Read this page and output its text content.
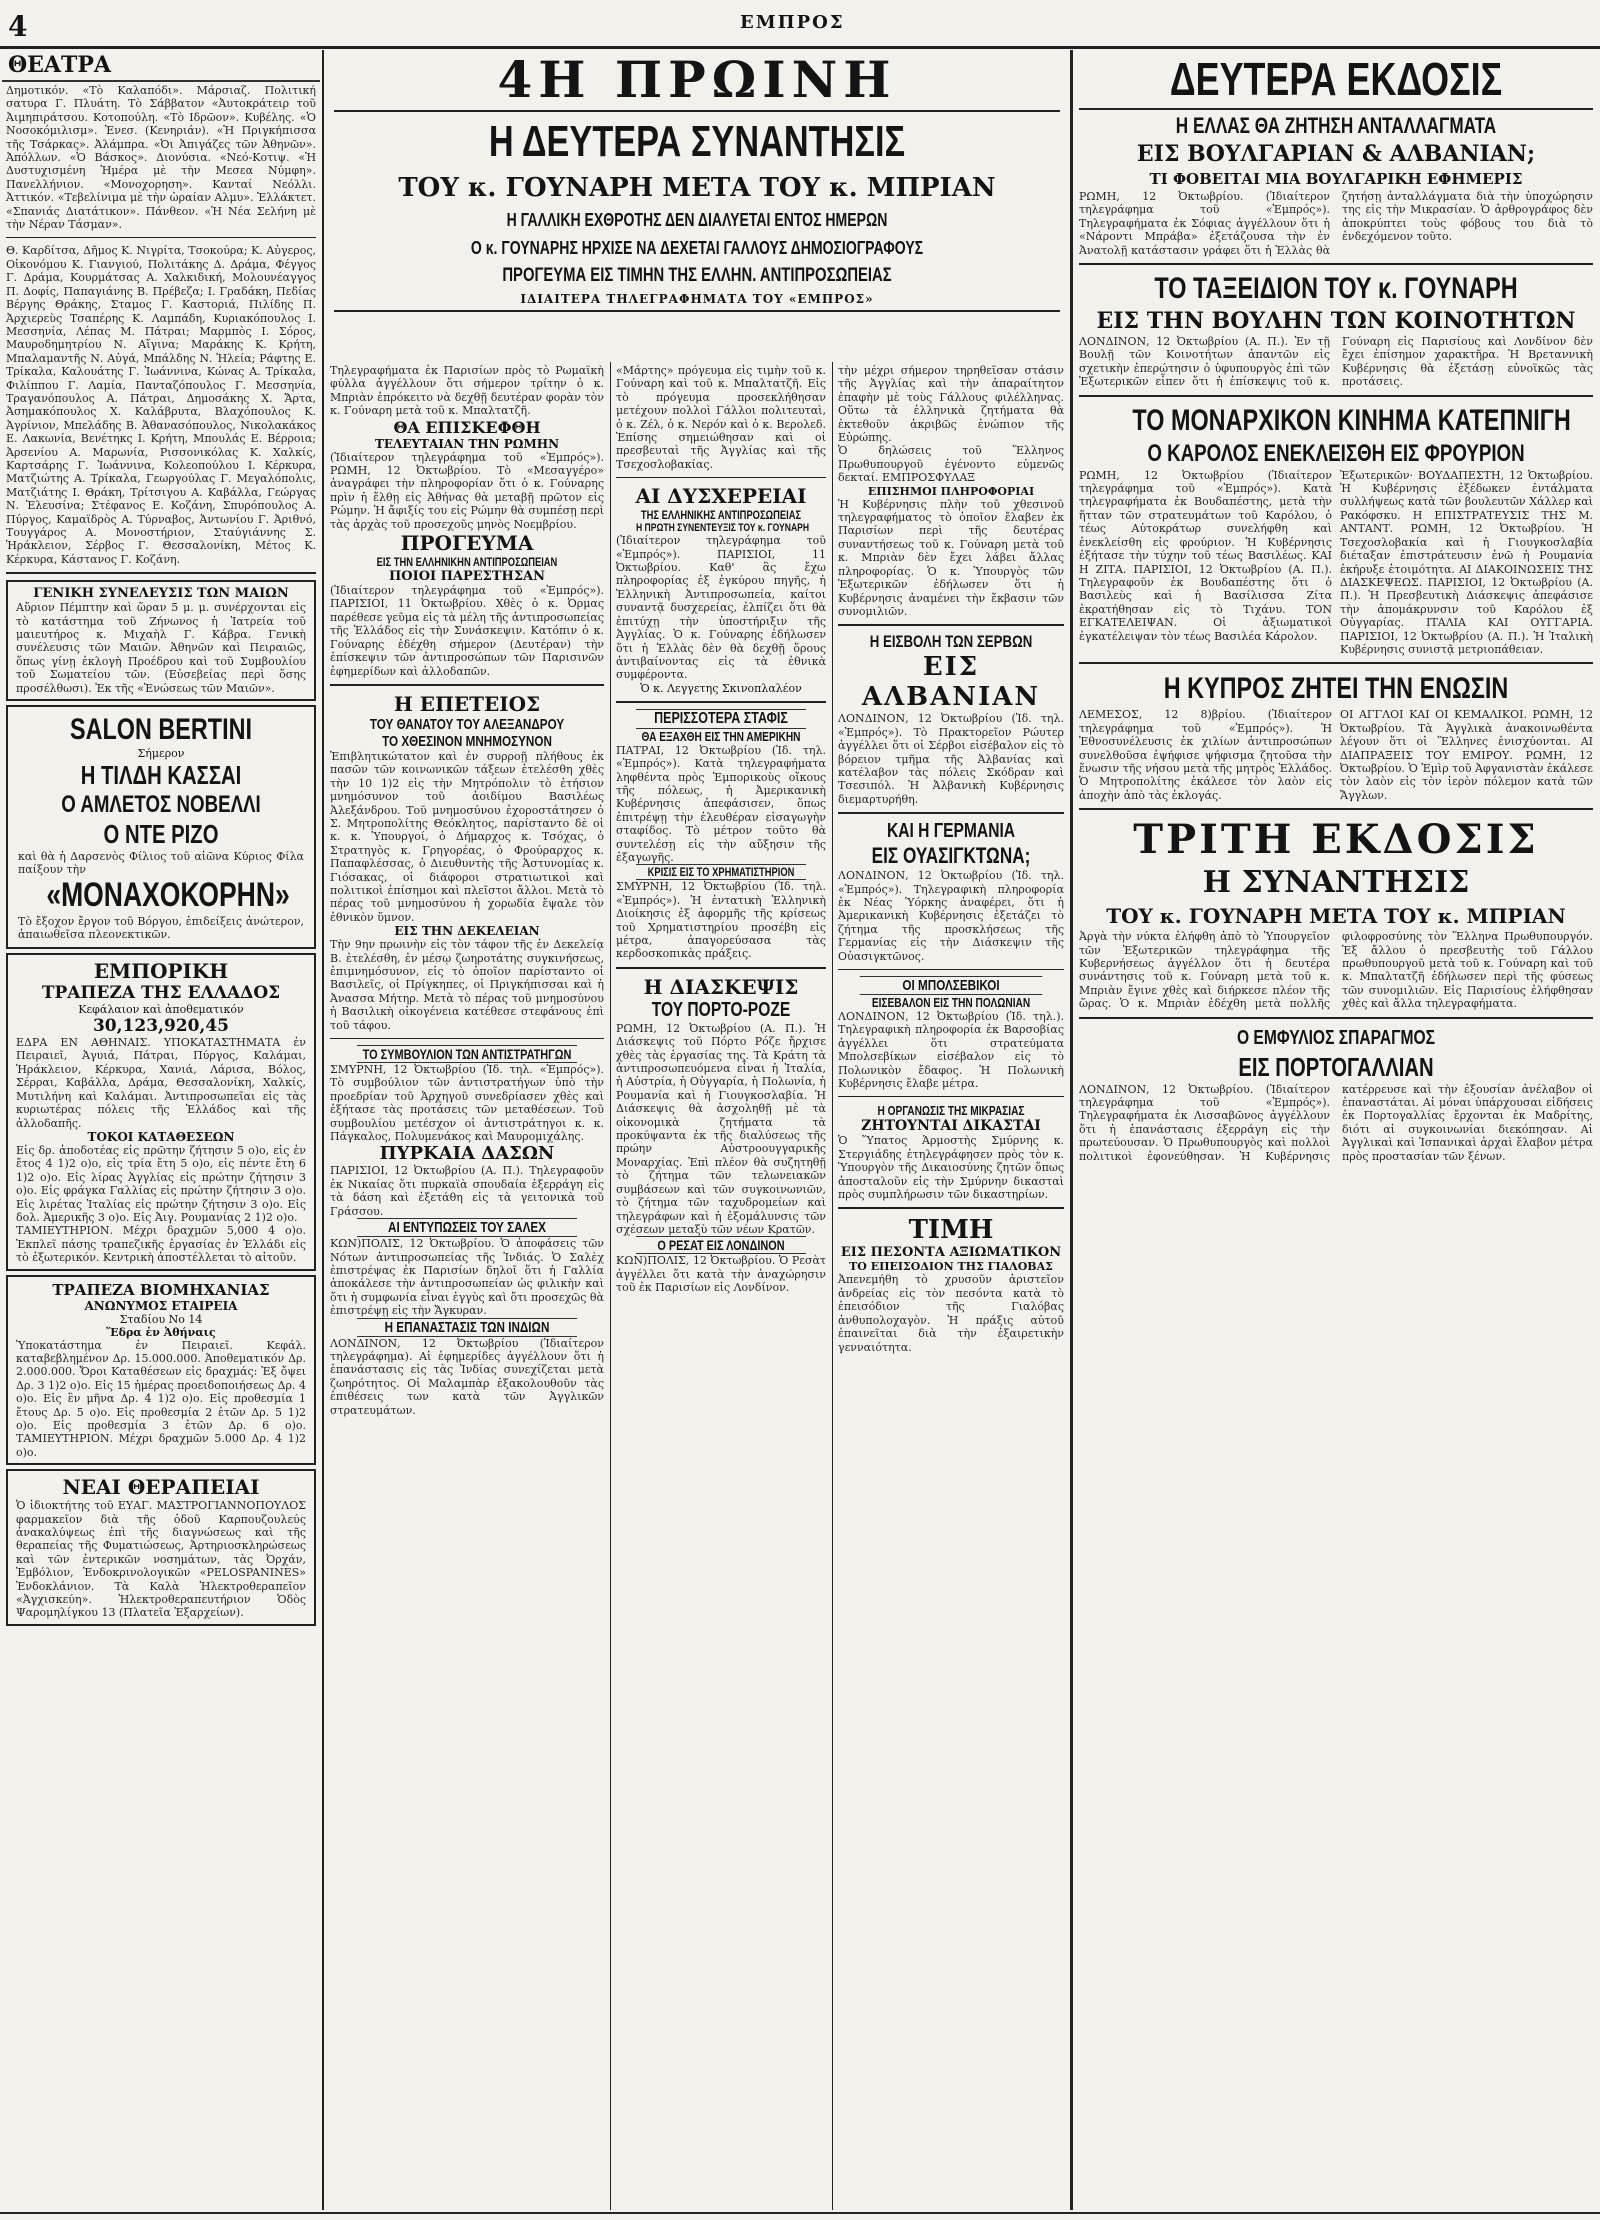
4	ΕΜΠΡΟΣ
ΘΕΑΤΡΑ

Δημοτικόν. «Τὸ Καλαπόδι». Μάρσιαζ. Πολιτική σατυρα Γ. Πλυάτη. Τὸ Σάββατον «Ἀυτοκράτειρ τοῦ Ἀιμηπιράτσου. Κοτοπούλη. «Τὸ Ιδρῶον». Κυβέλης. «Ὁ Νοσοκόμιλισμ». Ἐνεσ. (Κενηριάν). «Ἡ Πριγκήπισσα τῆς Τσάρκας». Ἀλάμπρα. «Ὀι Ἀπιγάζες τῶν Ἀθηνῶν». Ἀπόλλων. «Ὁ Βάσκος». Διονύσια. «Νεό-Κοτιψ. «Ἡ Δυστυχισμένη Ἡμέρα μὲ τὴν Μεσεα Νύμφη». Πανελλήνιον. «Μονοχορηση». Κανταί Νεόλλι. Ἀττικόν. «Τεβελίνιμα μὲ τὴν ὠραίαν Αλμυ». Ἑλλάκτετ. «Σπανιάς Διατάτικον». Πάνθεον. «Ἡ Νέα Σελήνη μὲ τὴν Νέραν Τάσμαν».

Θ. Καρδίτσα, Δῆμος Κ. Νιγρίτα, Τσοκούρα; Κ. Αὐγερος, Οἰκονόμου Κ. Γιανγιού, Πολιτάκης Δ. Δράμα, Φέγγος Γ. Δράμα, Κουρμάτσας Α. Χαλκιδική, Μολουνέαγγος Π. Δοφίς, Παπαγιάνης Β. Πρέβεζα; Ι. Γραδάκη, Πεδίας Βέργης Θράκης, Σταμος Γ. Καστοριά, Πιλίδης Π. Ἀρχιερεὺς Τσαπέρης Κ. Λαμπάδη, Κυριακόπουλος Ι. Μεσσηνία, Λέπας Μ. Πάτραι; Μαρμπὸς Ι. Σόρος, Μαυροδημητρίου Ν. Αἴγινα; Μαράκης Κ. Κρήτη, Μπαλαμαντῆς Ν. Αὐγά, Μπάλδης Ν. Ἠλεία; Ράφτης Ε. Τρίκαλα, Καλουάτης Γ. Ἰωάννινα, Κώνας Α. Τρίκαλα, Φιλίππου Γ. Λαμία, Πανταζόπουλος Γ. Μεσσηνία, Τραγανόπουλος Α. Πάτραι, Δημοσάκης Χ. Ἄρτα, Ἀσημακόπουλος Χ. Καλάβρυτα, Βλαχόπουλος Κ. Ἀγρίνιον, Μπελάδης Β. Ἀθανασόπουλος, Νικολακάκος Ε. Λακωνία, Βενέτηκς Ι. Κρήτη, Μπουλάς Ε. Βέρροια; Ἀρσενίου Α. Μαρωνία, Ρισσονικόλας Κ. Χαλκίς, Καρτσάρης Γ. Ἰωάννινα, Κολεοπούλου Ι. Κέρκυρα, Ματζιώτης Α. Τρίκαλα, Γεωργούλας Γ. Μεγαλόπολις, Ματζιάτης Ι. Θράκη, Τρίτσιγου Α. Καβάλλα, Γεώργας Ν. Ἐλευσίνα; Στέφανος Ε. Κοζάνη, Σπυρόπουλος Α. Πύργος, Καμαϊδρὸς Α. Τύρναβος, Ἀντωνίου Γ. Ἀριθνό, Τουγγάρος Α. Μονοστήριον, Σταύγιάννης Σ. Ἡράκλειον, Σέρβος Γ. Θεσσαλονίκη, Μέτος Κ. Κέρκυρα, Κάστανος Γ. Κοζάνη.

ΓΕΝΙΚΗ ΣΥΝΕΛΕΥΣΙΣ ΤΩΝ ΜΑΙΩΝ

Αὔριον Πέμπτην καὶ ὥραν 5 μ. μ. συνέρχονται εἰς τὸ κατάστημα τοῦ Ζήνωνος ἡ Ἰατρεία τοῦ μαιευτήρος κ. Μιχαὴλ Γ. Κάβρα. Γενικὴ συνέλευσις τῶν Μαιῶν. Ἀθηνῶν καὶ Πειραιῶς, ὅπως γίνῃ ἐκλογὴ Προέδρου καὶ τοῦ Συμβουλίου τοῦ Σωματείου τῶν. (Εὐσεβείας περὶ ὅσης προσέλθωσι). Ἐκ τῆς «Ἑνώσεως τῶν Μαιῶν».

SALON BERTINI
Σήμερον
Η ΤΙΛΔΗ ΚΑΣΣΑΙ
Ο ΑΜΛΕΤΟΣ ΝΟΒΕΛΛΙ
Ο ΝΤΕ ΡΙΖΟ

καὶ θὰ ἡ Δαρσενὸς Φίλιος τοῦ αἰῶνα Κύριος Φίλα παίξουν τὴν

«ΜΟΝΑΧΟΚΟΡΗΝ»

Τὸ ἔξοχον ἔργον τοῦ Βόργου, ἐπιδείξεις ἀνώτερον, ἀπαιωθεῖσα πλεονεκτικῶν.

ΕΜΠΟΡΙΚΗ
ΤΡΑΠΕΖΑ ΤΗΣ ΕΛΛΑΔΟΣ
Κεφάλαιον καὶ ἀποθεματικόν
30,123,920,45

ΕΔΡΑ ΕΝ ΑΘΗΝΑΙΣ. ΥΠΟΚΑΤΑΣΤΗΜΑΤΑ ἐν Πειραιεῖ, Ἀγυιά, Πάτραι, Πύργος, Καλάμαι, Ἡράκλειον, Κέρκυρα, Χανιά, Λάρισα, Βόλος, Σέρραι, Καβάλλα, Δράμα, Θεσσαλονίκη, Χαλκίς, Μυτιλήνη καὶ Καλάμαι. Ἀντιπροσωπεῖαι εἰς τὰς κυριωτέρας πόλεις τῆς Ἑλλάδος καὶ τῆς ἀλλοδαπῆς.

ΤΟΚΟΙ ΚΑΤΑΘΕΣΕΩΝ

Εἰς δρ. ἀποδοτέας εἰς πρῶτην ζήτησιν 5 ο)ο, εἰς ἐν ἔτος 4 1)2 ο)ο, εἰς τρία ἔτη 5 ο)ο, εἰς πέντε ἔτη 6 1)2 ο)ο. Εἰς λίρας Ἀγγλίας εἰς πρώτην ζήτησιν 3 ο)ο. Εἰς φράγκα Γαλλίας εἰς πρώτην ζήτησιν 3 ο)ο. Εἰς λιρέτας Ἰταλίας εἰς πρώτην ζήτησιν 3 ο)ο. Εἰς δολ. Ἀμερικῆς 3 ο)ο. Εἰς Ἀιγ. Ρουμανίας 2 1)2 ο)ο.

ΤΑΜΙΕΥΤΗΡΙΟΝ. Μέχρι δραχμῶν 5,000 4 ο)ο. Ἐκπλεῖ πάσης τραπεζικῆς ἐργασίας ἐν Ἑλλάδι εἰς τὸ ἐξωτερικόν. Κεντρικὴ ἀποστέλλεται τὸ αἰτοῦν.

ΤΡΑΠΕΖΑ ΒΙΟΜΗΧΑΝΙΑΣ
ΑΝΩΝΥΜΟΣ ΕΤΑΙΡΕΙΑ
Σταδίου Νο 14
Ἕδρα ἐν Ἀθήναις

Ὑποκατάστημα ἐν Πειραιεῖ. Κεφάλ. καταβεβλημένον Δρ. 15.000.000. Ἀποθεματικόν Δρ. 2.000.000. Ὄροι Καταθέσεων εἰς δραχμάς: Ἐξ ὄψει Δρ. 3 1)2 ο)ο. Εἰς 15 ἡμέρας προειδοποιήσεως Δρ. 4 ο)ο. Εἰς ἓν μῆνα Δρ. 4 1)2 ο)ο. Εἰς προθεσμία 1 ἔτους Δρ. 5 ο)ο. Εἰς προθεσμία 2 ἐτῶν Δρ. 5 1)2 ο)ο. Εἰς προθεσμία 3 ἐτῶν Δρ. 6 ο)ο. ΤΑΜΙΕΥΤΗΡΙΟΝ. Μέχρι δραχμῶν 5.000 Δρ. 4 1)2 ο)ο.

ΝΕΑΙ ΘΕΡΑΠΕΙΑΙ

Ὁ ἰδιοκτήτης τοῦ ΕΥΑΓ. ΜΑΣΤΡΟΓΙΑΝΝΟΠΟΥΛΟΣ φαρμακεῖον διὰ τῆς ὁδοῦ Καρπουζουλεύς ἀνακαλύψεως ἐπὶ τῆς διαγνώσεως καὶ τῆς θεραπείας τῆς Φυματιώσεως, Ἀρτηριοσκληρώσεως καὶ τῶν ἐντερικῶν νοσημάτων, τὰς Ὀρχάν, Ἐμβόλιον, Ἐνδοκρινολογικῶν «PELOSPANINES» Ἐνδοκλάνιον. Τὰ Καλὰ Ἠλεκτροθεραπεῖον «Ἀγχισκεύη». Ἠλεκτροθεραπευτήριον Ὁδὸς Ψαρομηλίγκου 13 (Πλατεῖα Ἐξαρχείων).

4Η ΠΡΩΙΝΗ
Η ΔΕΥΤΕΡΑ ΣΥΝΑΝΤΗΣΙΣ
ΤΟΥ κ. ΓΟΥΝΑΡΗ ΜΕΤΑ ΤΟΥ κ. ΜΠΡΙΑΝ
Η ΓΑΛΛΙΚΗ ΕΧΘΡΟΤΗΣ ΔΕΝ ΔΙΑΛΥΕΤΑΙ ΕΝΤΟΣ ΗΜΕΡΩΝ
Ο κ. ΓΟΥΝΑΡΗΣ ΗΡΧΙΣΕ ΝΑ ΔΕΧΕΤΑΙ ΓΑΛΛΟΥΣ ΔΗΜΟΣΙΟΓΡΑΦΟΥΣ
ΠΡΟΓΕΥΜΑ ΕΙΣ ΤΙΜΗΝ ΤΗΣ ΕΛΛΗΝ. ΑΝΤΙΠΡΟΣΩΠΕΙΑΣ
ΙΔΙΑΙΤΕΡΑ ΤΗΛΕΓΡΑΦΗΜΑΤΑ ΤΟΥ «ΕΜΠΡΟΣ»

Τηλεγραφήματα ἐκ Παρισίων πρὸς τὸ Ρωμαϊκὴ φύλλα ἀγγέλλουν ὅτι σήμερον τρίτην ὁ κ. Μπριὰν ἐπρόκειτο νὰ δεχθῇ δευτέραν φορὰν τὸν κ. Γούναρη μετὰ τοῦ κ. Μπαλτατζῆ.

ΘΑ ΕΠΙΣΚΕΦΘΗ
ΤΕΛΕΥΤΑΙΑΝ ΤΗΝ ΡΩΜΗΝ

(Ἰδιαίτερον τηλεγράφημα τοῦ «Ἐμπρός»). ΡΩΜΗ, 12 Ὀκτωβρίου. Τὸ «Μεσαγγέρο» ἀναγράφει τὴν πληροφορίαν ὅτι ὁ κ. Γούναρης πρὶν ἡ ἔλθῃ εἰς Ἀθήνας θὰ μεταβῇ πρῶτον εἰς Ρώμην. Ἡ ἄφιξίς του εἰς Ρώμην θὰ συμπέσῃ περὶ τὰς ἀρχὰς τοῦ προσεχοῦς μηνὸς Νοεμβρίου.

ΠΡΟΓΕΥΜΑ
ΕΙΣ ΤΗΝ ΕΛΛΗΝΙΚΗΝ ΑΝΤΙΠΡΟΣΩΠΕΙΑΝ
ΠΟΙΟΙ ΠΑΡΕΣΤΗΣΑΝ

(Ἰδιαίτερον τηλεγράφημα τοῦ «Ἐμπρός»). ΠΑΡΙΣΙΟΙ, 11 Ὀκτωβρίου. Χθὲς ὁ κ. Ὀρμας παρέθεσε γεῦμα εἰς τὰ μέλη τῆς ἀντιπροσωπείας τῆς Ἑλλάδος εἰς τὴν Συνάσκεψιν. Κατόπιν ὁ κ. Γούναρης ἐδέχθη σήμερον (Δευτέραν) τὴν ἐπίσκεψιν τῶν ἀντιπροσώπων τῶν Παρισινῶν ἐφημερίδων καὶ ἀλλοδαπῶν.

Η ΕΠΕΤΕΙΟΣ
ΤΟΥ ΘΑΝΑΤΟΥ ΤΟΥ ΑΛΕΞΑΝΔΡΟΥ
ΤΟ ΧΘΕΣΙΝΟΝ ΜΝΗΜΟΣΥΝΟΝ

Ἐπιβλητικώτατον καὶ ἐν συρροῇ πλήθους ἐκ πασῶν τῶν κοινωνικῶν τάξεων ἐτελέσθη χθὲς τὴν 10 1)2 εἰς τὴν Μητρόπολιν τὸ ἐτήσιον μνημόσυνον τοῦ ἀοιδίμου Βασιλέως Ἀλεξάνδρου. Τοῦ μνημοσύνου ἐχοροστάτησεν ὁ Σ. Μητροπολίτης Θεόκλητος, παρίσταντο δὲ οἱ κ. κ. Ὑπουργοί, ὁ Δήμαρχος κ. Τσόχας, ὁ Στρατηγὸς κ. Γρηγορέας, ὁ Φρούραρχος κ. Παπαφλέσσας, ὁ Διευθυντὴς τῆς Ἀστυνομίας κ. Γιόσακας, οἱ διάφοροι στρατιωτικοὶ καὶ πολιτικοὶ ἐπίσημοι καὶ πλεῖστοι ἄλλοι. Μετὰ τὸ πέρας τοῦ μνημοσύνου ἡ χορωδία ἔψαλε τὸν ἐθνικὸν ὕμνον.

ΕΙΣ ΤΗΝ ΔΕΚΕΛΕΙΑΝ

Τὴν 9ην πρωινὴν εἰς τὸν τάφον τῆς ἐν Δεκελείᾳ Β. ἐτελέσθη, ἐν μέσῳ ζωηροτάτης συγκινήσεως, ἐπιμνημόσυνον, εἰς τὸ ὁποῖον παρίσταντο οἱ Βασιλεῖς, οἱ Πρίγκηπες, οἱ Πριγκήπισσαι καὶ ἡ Ἀνασσα Μήτηρ. Μετὰ τὸ πέρας τοῦ μνημοσύνου ἡ Βασιλικὴ οἰκογένεια κατέθεσε στεφάνους ἐπὶ τοῦ τάφου.

ΤΟ ΣΥΜΒΟΥΛΙΟΝ ΤΩΝ ΑΝΤΙΣΤΡΑΤΗΓΩΝ

ΣΜΥΡΝΗ, 12 Ὀκτωβρίου (Ἰδ. τηλ. «Ἐμπρός»). Τὸ συμβούλιον τῶν ἀντιστρατήγων ὑπὸ τὴν προεδρίαν τοῦ Ἀρχηγοῦ συνεδρίασεν χθὲς καὶ ἐξήτασε τὰς προτάσεις τῶν μεταθέσεων. Τοῦ συμβουλίου μετέσχον οἱ ἀντιστράτηγοι κ. κ. Πάγκαλος, Πολυμενάκος καὶ Μαυρομιχάλης.

ΠΥΡΚΑΙΑ ΔΑΣΩΝ

ΠΑΡΙΣΙΟΙ, 12 Ὀκτωβρίου (Α. Π.). Τηλεγραφοῦν ἐκ Νικαίας ὅτι πυρκαϊὰ σπουδαία ἐξερράγη εἰς τὰ δάση καὶ ἐξετάθη εἰς τὰ γειτονικὰ τοῦ Γράσσου.

ΑΙ ΕΝΤΥΠΩΣΕΙΣ ΤΟΥ ΣΑΛΕΧ

ΚΩΝ)ΠΟΛΙΣ, 12 Ὀκτωβρίου. Ὁ ἀποφάσεις τῶν Νότων ἀντιπροσωπείας τῆς Ἰνδιάς. Ὁ Σαλὲχ ἐπιστρέψας ἐκ Παρισίων δηλοῖ ὅτι ἡ Γαλλία ἀποκάλεσε τὴν ἀντιπροσωπείαν ὡς φιλικὴν καὶ ὅτι ἡ συμφωνία εἶναι ἐγγὺς καὶ ὅτι προσεχῶς θὰ ἐπιστρέψῃ εἰς τὴν Ἄγκυραν.

Η ΕΠΑΝΑΣΤΑΣΙΣ ΤΩΝ ΙΝΔΙΩΝ

ΛΟΝΔΙΝΟΝ, 12 Ὀκτωβρίου (Ἰδιαίτερον τηλεγράφημα). Αἱ ἐφημερίδες ἀγγέλλουν ὅτι ἡ ἐπανάστασις εἰς τὰς Ἰνδίας συνεχίζεται μετὰ ζωηρότητος. Οἱ Μαλαμπὰρ ἐξακολουθοῦν τὰς ἐπιθέσεις των κατὰ τῶν Ἀγγλικῶν στρατευμάτων.

«Μάρτης» πρόγευμα εἰς τιμὴν τοῦ κ. Γούναρη καὶ τοῦ κ. Μπαλτατζῆ. Εἰς τὸ πρόγευμα προσεκλήθησαν μετέχουν πολλοὶ Γάλλοι πολιτευταὶ, ὁ κ. Ζέλ, ὁ κ. Νερόν καὶ ὁ κ. Βερολεδ. Ἐπίσης σημειώθησαν καὶ οἱ πρεσβευταὶ τῆς Ἀγγλίας καὶ τῆς Τσεχοσλοβακίας.

ΑΙ ΔΥΣΧΕΡΕΙΑΙ
ΤΗΣ ΕΛΛΗΝΙΚΗΣ ΑΝΤΙΠΡΟΣΩΠΕΙΑΣ
Η ΠΡΩΤΗ ΣΥΝΕΝΤΕΥΞΙΣ ΤΟΥ κ. ΓΟΥΝΑΡΗ

(Ἰδιαίτερον τηλεγράφημα τοῦ «Ἐμπρός»). ΠΑΡΙΣΙΟΙ, 11 Ὀκτωβρίου. Καθ' ἃς ἔχω πληροφορίας ἐξ ἐγκύρου πηγῆς, ἡ Ἑλληνικὴ Ἀντιπροσωπεία, καίτοι συναντᾷ δυσχερείας, ἐλπίζει ὅτι θὰ ἐπιτύχῃ τὴν ὑποστήριξιν τῆς Ἀγγλίας. Ὁ κ. Γούναρης ἐδήλωσεν ὅτι ἡ Ἑλλὰς δὲν θὰ δεχθῇ ὅρους ἀντιβαίνοντας εἰς τὰ ἐθνικὰ συμφέροντα.

Ὁ κ. Λεγγετης Σκινοπλαλέον
ΠΕΡΙΣΣΟΤΕΡΑ ΣΤΑΦΙΣ
ΘΑ ΕΞΑΧΘΗ ΕΙΣ ΤΗΝ ΑΜΕΡΙΚΗΝ

ΠΑΤΡΑΙ, 12 Ὀκτωβρίου (Ἰδ. τηλ. «Ἐμπρός»). Κατὰ τηλεγραφήματα ληφθέντα πρὸς Ἐμπορικοὺς οἴκους τῆς πόλεως, ἡ Ἀμερικανικὴ Κυβέρνησις ἀπεφάσισεν, ὅπως ἐπιτρέψῃ τὴν ἐλευθέραν εἰσαγωγὴν σταφίδος. Τὸ μέτρον τοῦτο θὰ συντελέσῃ εἰς τὴν αὔξησιν τῆς ἐξαγωγῆς.

ΚΡΙΣΙΣ ΕΙΣ ΤΟ ΧΡΗΜΑΤΙΣΤΗΡΙΟΝ

ΣΜΥΡΝΗ, 12 Ὀκτωβρίου (Ἰδ. τηλ. «Ἐμπρός»). Ἡ ἐντατικὴ Ἑλληνικὴ Διοίκησις ἐξ ἀφορμῆς τῆς κρίσεως τοῦ Χρηματιστηρίου προσέβη εἰς μέτρα, ἀπαγορεύσασα τὰς κερδοσκοπικὰς πράξεις.

Η ΔΙΑΣΚΕΨΙΣ
ΤΟΥ ΠΟΡΤΟ-ΡΟΖΕ

ΡΩΜΗ, 12 Ὀκτωβρίου (Α. Π.). Ἡ Διάσκεψις τοῦ Πόρτο Ρόζε ἤρχισε χθὲς τὰς ἐργασίας της. Τὰ Κράτη τὰ ἀντιπροσωπευόμενα εἶναι ἡ Ἰταλία, ἡ Αὐστρία, ἡ Οὑγγαρία, ἡ Πολωνία, ἡ Ρουμανία καὶ ἡ Γιουγκοσλαβία. Ἡ Διάσκεψις θὰ ἀσχοληθῇ μὲ τὰ οἰκονομικὰ ζητήματα τὰ προκύψαντα ἐκ τῆς διαλύσεως τῆς πρώην Αὐστροουγγαρικῆς Μοναρχίας. Ἐπὶ πλέον θὰ συζητηθῇ τὸ ζήτημα τῶν τελωνειακῶν συμβάσεων καὶ τῶν συγκοινωνιῶν, τὸ ζήτημα τῶν ταχυδρομείων καὶ τηλεγράφων καὶ ἡ ἐξομάλυνσις τῶν σχέσεων μεταξὺ τῶν νέων Κρατῶν.

Ο ΡΕΣΑΤ ΕΙΣ ΛΟΝΔΙΝΟΝ

ΚΩΝ)ΠΟΛΙΣ, 12 Ὀκτωβρίου. Ὁ Ρεσὰτ ἀγγέλλει ὅτι κατὰ τὴν ἀναχώρησιν τοῦ ἐκ Παρισίων εἰς Λονδίνον.

τὴν μέχρι σήμερον τηρηθεῖσαν στάσιν τῆς Ἀγγλίας καὶ τὴν ἀπαραίτητον ἐπαφὴν μὲ τοὺς Γάλλους φιλέλληνας. Οὕτω τὰ ἐλληνικὰ ζητήματα θὰ ἐκτεθοῦν ἀκριβῶς ἐνώπιον τῆς Εὐρώπης.

Ὁ δηλώσεις τοῦ Ἕλληνος Πρωθυπουργοῦ ἐγένοντο εὐμενῶς δεκταί. ΕΜΠΡΟΣΦΥΛΑΞ

ΕΠΙΣΗΜΟΙ ΠΛΗΡΟΦΟΡΙΑΙ

Ἡ Κυβέρνησις πλὴν τοῦ χθεσινοῦ τηλεγραφήματος τὸ ὁποῖον ἔλαβεν ἐκ Παρισίων περὶ τῆς δευτέρας συναντήσεως τοῦ κ. Γούναρη μετὰ τοῦ κ. Μπριὰν δὲν ἔχει λάβει ἄλλας πληροφορίας. Ὁ κ. Ὑπουργὸς τῶν Ἐξωτερικῶν ἐδήλωσεν ὅτι ἡ Κυβέρνησις ἀναμένει τὴν ἔκβασιν τῶν συνομιλιῶν.

Η ΕΙΣΒΟΛΗ ΤΩΝ ΣΕΡΒΩΝ
ΕΙΣ ΑΛΒΑΝΙΑΝ

ΛΟΝΔΙΝΟΝ, 12 Ὀκτωβρίου (Ἰδ. τηλ. «Ἐμπρός»). Τὸ Πρακτορεῖον Ρώυτερ ἀγγέλλει ὅτι οἱ Σέρβοι εἰσέβαλον εἰς τὸ βόρειον τμῆμα τῆς Ἀλβανίας καὶ κατέλαβον τὰς πόλεις Σκόδραν καὶ Τσεσιπόλ. Ἡ Ἀλβανικὴ Κυβέρνησις διεμαρτυρήθη.

ΚΑΙ Η ΓΕΡΜΑΝΙΑ
ΕΙΣ ΟΥΑΣΙΓΚΤΩΝΑ;

ΛΟΝΔΙΝΟΝ, 12 Ὀκτωβρίου (Ἰδ. τηλ. «Ἐμπρός»). Τηλεγραφικὴ πληροφορία ἐκ Νέας Ὑόρκης ἀναφέρει, ὅτι ἡ Ἀμερικανικὴ Κυβέρνησις ἐξετάζει τὸ ζήτημα τῆς προσκλήσεως τῆς Γερμανίας εἰς τὴν Διάσκεψιν τῆς Οὐασιγκτῶνος.

ΟΙ ΜΠΟΛΣΕΒΙΚΟΙ
ΕΙΣΕΒΑΛΟΝ ΕΙΣ ΤΗΝ ΠΟΛΩΝΙΑΝ

ΛΟΝΔΙΝΟΝ, 12 Ὀκτωβρίου (Ἰδ. τηλ.). Τηλεγραφικὴ πληροφορία ἐκ Βαρσοβίας ἀγγέλλει ὅτι στρατεύματα Μπολσεβίκων εἰσέβαλον εἰς τὸ Πολωνικὸν ἔδαφος. Ἡ Πολωνικὴ Κυβέρνησις ἔλαβε μέτρα.

Η ΟΡΓΑΝΩΣΙΣ ΤΗΣ ΜΙΚΡΑΣΙΑΣ
ΖΗΤΟΥΝΤΑΙ ΔΙΚΑΣΤΑΙ

Ὁ Ὕπατος Ἁρμοστὴς Σμύρνης κ. Στεργιάδης ἐτηλεγράφησεν πρὸς τὸν κ. Ὑπουργὸν τῆς Δικαιοσύνης ζητῶν ὅπως ἀποσταλοῦν εἰς τὴν Σμύρνην δικασταὶ πρὸς συμπλήρωσιν τῶν δικαστηρίων.

ΤΙΜΗ
ΕΙΣ ΠΕΣΟΝΤΑ ΑΞΙΩΜΑΤΙΚΟΝ
ΤΟ ΕΠΕΙΣΟΔΙΟΝ ΤΗΣ ΓΙΑΛΟΒΑΣ

Ἀπενεμήθη τὸ χρυσοῦν ἀριστεῖον ἀνδρείας εἰς τὸν πεσόντα κατὰ τὸ ἐπεισόδιον τῆς Γιαλόβας ἀνθυπολοχαγὸν. Ἡ πράξις αὐτοῦ ἐπαινεῖται διὰ τὴν ἐξαιρετικὴν γενναιότητα.

ΔΕΥΤΕΡΑ ΕΚΔΟΣΙΣ
Η ΕΛΛΑΣ ΘΑ ΖΗΤΗΣΗ ΑΝΤΑΛΛΑΓΜΑΤΑ
ΕΙΣ ΒΟΥΛΓΑΡΙΑΝ & ΑΛΒΑΝΙΑΝ;
ΤΙ ΦΟΒΕΙΤΑΙ ΜΙΑ ΒΟΥΛΓΑΡΙΚΗ ΕΦΗΜΕΡΙΣ

ΡΩΜΗ, 12 Ὀκτωβρίου. (Ἰδιαίτερον τηλεγράφημα τοῦ «Ἐμπρός»). Τηλεγραφήματα ἐκ Σόφιας ἀγγέλλουν ὅτι ἡ «Νάροντι Μπράβα» ἐξετάζουσα τὴν ἐν Ἀνατολῇ κατάστασιν γράφει ὅτι ἡ Ἑλλὰς θὰ ζητήσῃ ἀνταλλάγματα διὰ τὴν ὑποχώρησιν της εἰς τὴν Μικρασίαν. Ὁ ἀρθρογράφος δὲν ἀποκρύπτει τοὺς φόβους του διὰ τὸ ἐνδεχόμενον τοῦτο.

ΤΟ ΤΑΞΕΙΔΙΟΝ ΤΟΥ κ. ΓΟΥΝΑΡΗ
ΕΙΣ ΤΗΝ ΒΟΥΛΗΝ ΤΩΝ ΚΟΙΝΟΤΗΤΩΝ

ΛΟΝΔΙΝΟΝ, 12 Ὀκτωβρίου (Α. Π.). Ἐν τῇ Βουλῇ τῶν Κοινοτήτων ἀπαντῶν εἰς σχετικὴν ἐπερώτησιν ὁ ὑφυπουργὸς ἐπὶ τῶν Ἐξωτερικῶν εἶπεν ὅτι ἡ ἐπίσκεψις τοῦ κ. Γούναρη εἰς Παρισίους καὶ Λονδίνον δὲν ἔχει ἐπίσημον χαρακτῆρα. Ἡ Βρεταννικὴ Κυβέρνησις θὰ ἐξετάσῃ εὐνοϊκῶς τὰς προτάσεις.

ΤΟ ΜΟΝΑΡΧΙΚΟΝ ΚΙΝΗΜΑ ΚΑΤΕΠΝΙΓΗ
Ο ΚΑΡΟΛΟΣ ΕΝΕΚΛΕΙΣΘΗ ΕΙΣ ΦΡΟΥΡΙΟΝ

ΡΩΜΗ, 12 Ὀκτωβρίου (Ἰδιαίτερον τηλεγράφημα τοῦ «Ἐμπρός»). Κατὰ τηλεγραφήματα ἐκ Βουδαπέστης, μετὰ τὴν ἥτταν τῶν στρατευμάτων τοῦ Καρόλου, ὁ τέως Αὐτοκράτωρ συνελήφθη καὶ ἐνεκλείσθη εἰς φρούριον. Ἡ Κυβέρνησις ἐξήτασε τὴν τύχην τοῦ τέως Βασιλέως. ΚΑΙ Η ΖΙΤΑ. ΠΑΡΙΣΙΟΙ, 12 Ὀκτωβρίου (Α. Π.). Τηλεγραφοῦν ἐκ Βουδαπέστης ὅτι ὁ Βασιλεὺς καὶ ἡ Βασίλισσα Ζίτα ἐκρατήθησαν εἰς τὸ Τιχάνυ. ΤΟΝ ΕΓΚΑΤΕΛΕΙΨΑΝ. Οἱ ἀξιωματικοὶ ἐγκατέλειψαν τὸν τέως Βασιλέα Κάρολον.

Ἐξωτερικῶν· ΒΟΥΔΑΠΕΣΤΗ, 12 Ὀκτωβρίου. Ἡ Κυβέρνησις ἐξέδωκεν ἐντάλματα συλλήψεως κατὰ τῶν βουλευτῶν Χάλλερ καὶ Ρακόφσκυ. Η ΕΠΙΣΤΡΑΤΕΥΣΙΣ ΤΗΣ Μ. ΑΝΤΑΝΤ. ΡΩΜΗ, 12 Ὀκτωβρίου. Ἡ Τσεχοσλοβακία καὶ ἡ Γιουγκοσλαβία διέταξαν ἐπιστράτευσιν ἐνῶ ἡ Ρουμανία ἐκήρυξε ἑτοιμότητα. ΑΙ ΔΙΑΚΟΙΝΩΣΕΙΣ ΤΗΣ ΔΙΑΣΚΕΨΕΩΣ. ΠΑΡΙΣΙΟΙ, 12 Ὀκτωβρίου (Α. Π.). Ἡ Πρεσβευτικὴ Διάσκεψις ἀπεφάσισε τὴν ἀπομάκρυνσιν τοῦ Καρόλου ἐξ Οὑγγαρίας. ΙΤΑΛΙΑ ΚΑΙ ΟΥΓΓΑΡΙΑ. ΠΑΡΙΣΙΟΙ, 12 Ὀκτωβρίου (Α. Π.). Ἡ Ἰταλικὴ Κυβέρνησις συνιστᾷ μετριοπάθειαν.

Η ΚΥΠΡΟΣ ΖΗΤΕΙ ΤΗΝ ΕΝΩΣΙΝ

ΛΕΜΕΣΟΣ, 12 8)βρίου. (Ἰδιαίτερον τηλεγράφημα τοῦ «Ἐμπρός»). Ἡ Ἐθνοσυνέλευσις ἐκ χιλίων ἀντιπροσώπων συνελθοῦσα ἐψήφισε ψήφισμα ζητοῦσα τὴν ἕνωσιν τῆς νήσου μετὰ τῆς μητρὸς Ἑλλάδος. Ὁ Μητροπολίτης ἐκάλεσε τὸν λαὸν εἰς ἀποχὴν ἀπὸ τὰς ἐκλογάς.

ΟΙ ΑΓΓΛΟΙ ΚΑΙ ΟΙ ΚΕΜΑΛΙΚΟΙ. ΡΩΜΗ, 12 Ὀκτωβρίου. Τὰ Ἀγγλικὰ ἀνακοινωθέντα λέγουν ὅτι οἱ Ἕλληνες ἐνισχύονται. ΑΙ ΔΙΑΠΡΑΞΕΙΣ ΤΟΥ ΕΜΙΡΟΥ. ΡΩΜΗ, 12 Ὀκτωβρίου. Ὁ Ἐμὶρ τοῦ Ἀφγανιστὰν ἐκάλεσε τὸν λαὸν εἰς τὸν ἱερὸν πόλεμον κατὰ τῶν Ἄγγλων.

ΤΡΙΤΗ ΕΚΔΟΣΙΣ
Η ΣΥΝΑΝΤΗΣΙΣ
ΤΟΥ κ. ΓΟΥΝΑΡΗ ΜΕΤΑ ΤΟΥ κ. ΜΠΡΙΑΝ

Ἀργὰ τὴν νύκτα ἐλήφθη ἀπὸ τὸ Ὑπουργεῖον τῶν Ἐξωτερικῶν τηλεγράφημα τῆς Κυβερνήσεως ἀγγέλλον ὅτι ἡ δευτέρα συνάντησις τοῦ κ. Γούναρη μετὰ τοῦ κ. Μπριὰν ἔγινε χθὲς καὶ διήρκεσε πλέον τῆς ὥρας. Ὁ κ. Μπριὰν ἐδέχθη μετὰ πολλῆς φιλοφροσύνης τὸν Ἕλληνα Πρωθυπουργόν. Ἐξ ἄλλου ὁ πρεσβευτὴς τοῦ Γάλλου πρωθυπουργοῦ μετὰ τοῦ κ. Γούναρη καὶ τοῦ κ. Μπαλτατζῆ ἐδήλωσεν περὶ τῆς φύσεως τῶν συνομιλιῶν. Εἰς Παρισίους ἐλήφθησαν χθὲς καὶ ἄλλα τηλεγραφήματα.

Ο ΕΜΦΥΛΙΟΣ ΣΠΑΡΑΓΜΟΣ
ΕΙΣ ΠΟΡΤΟΓΑΛΛΙΑΝ

ΛΟΝΔΙΝΟΝ, 12 Ὀκτωβρίου. (Ἰδιαίτερον τηλεγράφημα τοῦ «Ἐμπρός»). Τηλεγραφήματα ἐκ Λισσαβῶνος ἀγγέλλουν ὅτι ἡ ἐπανάστασις ἐξερράγη εἰς τὴν πρωτεύουσαν. Ὁ Πρωθυπουργὸς καὶ πολλοὶ πολιτικοὶ ἐφονεύθησαν. Ἡ Κυβέρνησις κατέρρευσε καὶ τὴν ἐξουσίαν ἀνέλαβον οἱ ἐπαναστάται. Αἱ μόναι ὑπάρχουσαι εἰδήσεις ἐκ Πορτογαλλίας ἔρχονται ἐκ Μαδρίτης, διότι αἱ συγκοινωνίαι διεκόπησαν. Αἱ Ἀγγλικαὶ καὶ Ἰσπανικαὶ ἀρχαὶ ἔλαβον μέτρα πρὸς προστασίαν τῶν ξένων.
